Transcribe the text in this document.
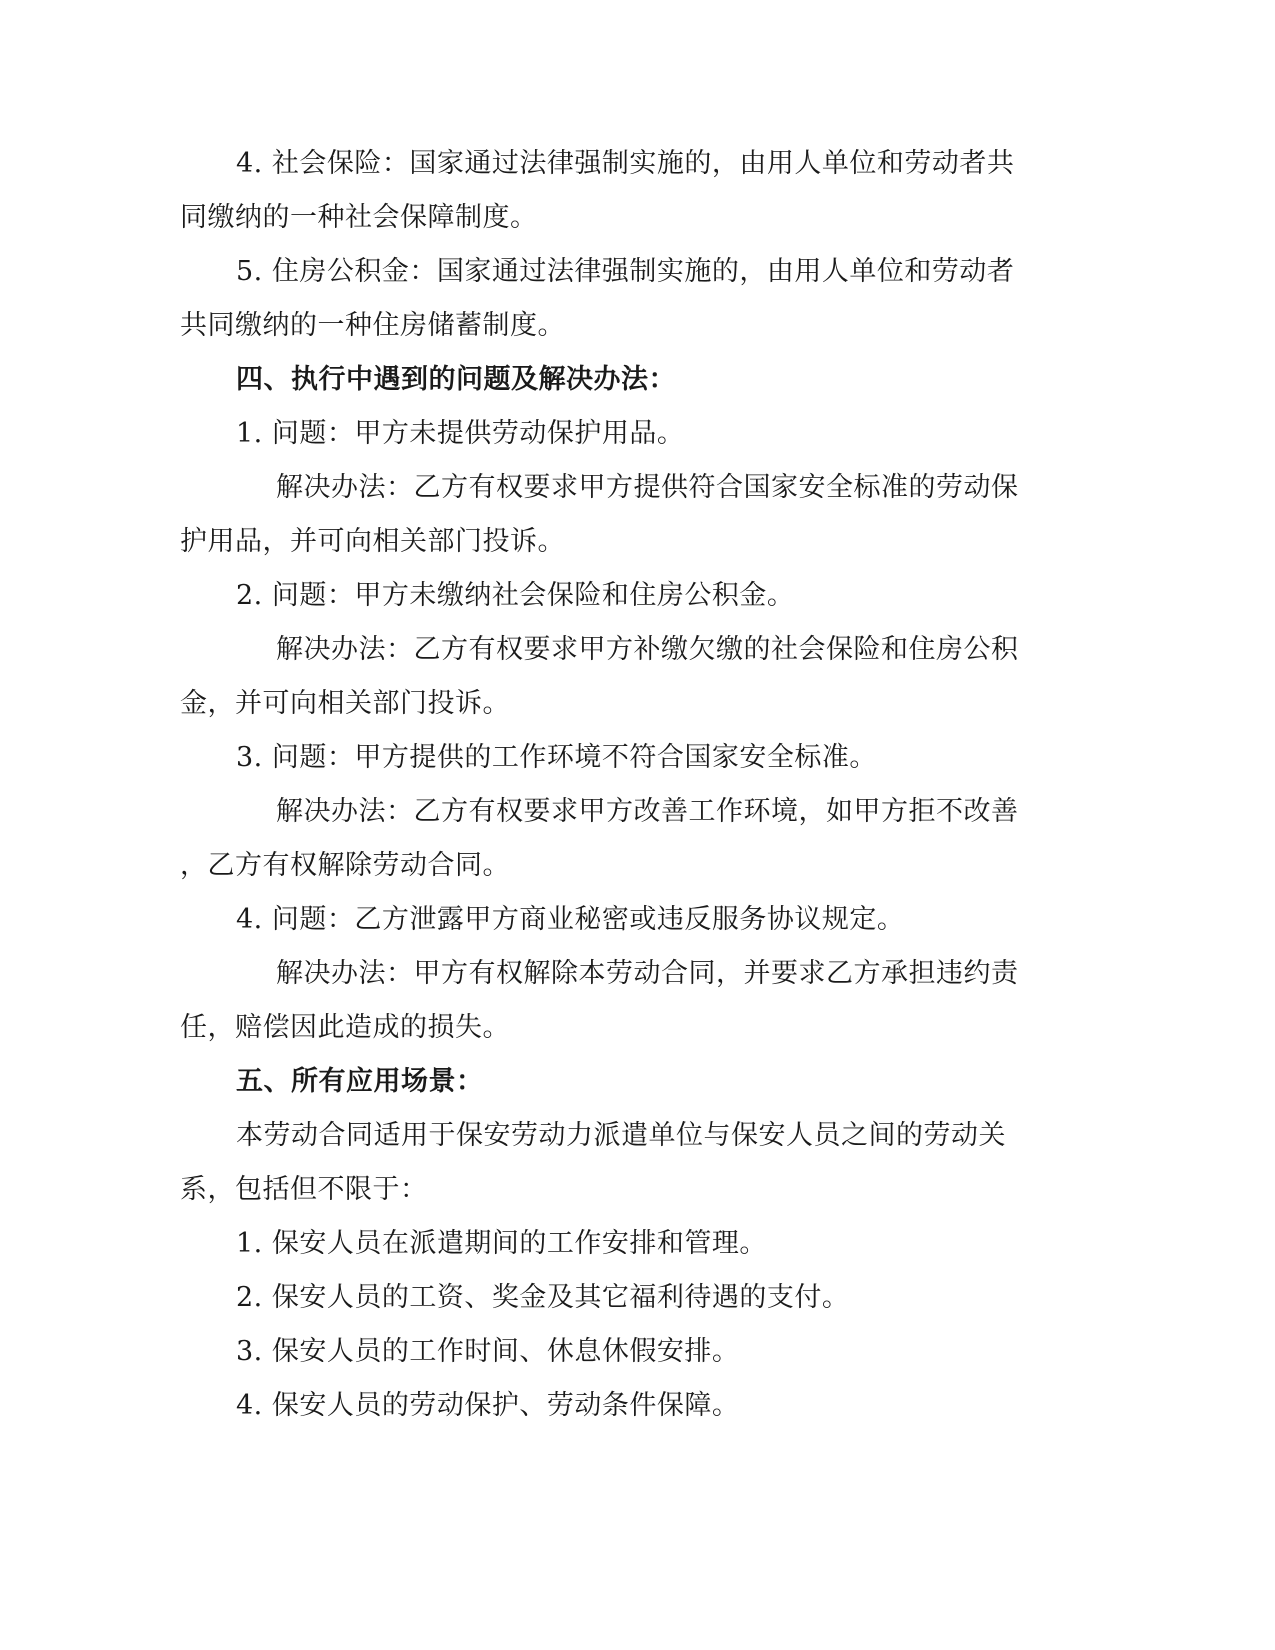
4. 社会保险：国家通过法律强制实施的，由用人单位和劳动者共
同缴纳的一种社会保障制度。
5. 住房公积金：国家通过法律强制实施的，由用人单位和劳动者
共同缴纳的一种住房储蓄制度。
四、执行中遇到的问题及解决办法：
1. 问题：甲方未提供劳动保护用品。
解决办法：乙方有权要求甲方提供符合国家安全标准的劳动保
护用品，并可向相关部门投诉。
2. 问题：甲方未缴纳社会保险和住房公积金。
解决办法：乙方有权要求甲方补缴欠缴的社会保险和住房公积
金，并可向相关部门投诉。
3. 问题：甲方提供的工作环境不符合国家安全标准。
解决办法：乙方有权要求甲方改善工作环境，如甲方拒不改善
，乙方有权解除劳动合同。
4. 问题：乙方泄露甲方商业秘密或违反服务协议规定。
解决办法：甲方有权解除本劳动合同，并要求乙方承担违约责
任，赔偿因此造成的损失。
五、所有应用场景：
本劳动合同适用于保安劳动力派遣单位与保安人员之间的劳动关
系，包括但不限于：
1. 保安人员在派遣期间的工作安排和管理。
2. 保安人员的工资、奖金及其它福利待遇的支付。
3. 保安人员的工作时间、休息休假安排。
4. 保安人员的劳动保护、劳动条件保障。
